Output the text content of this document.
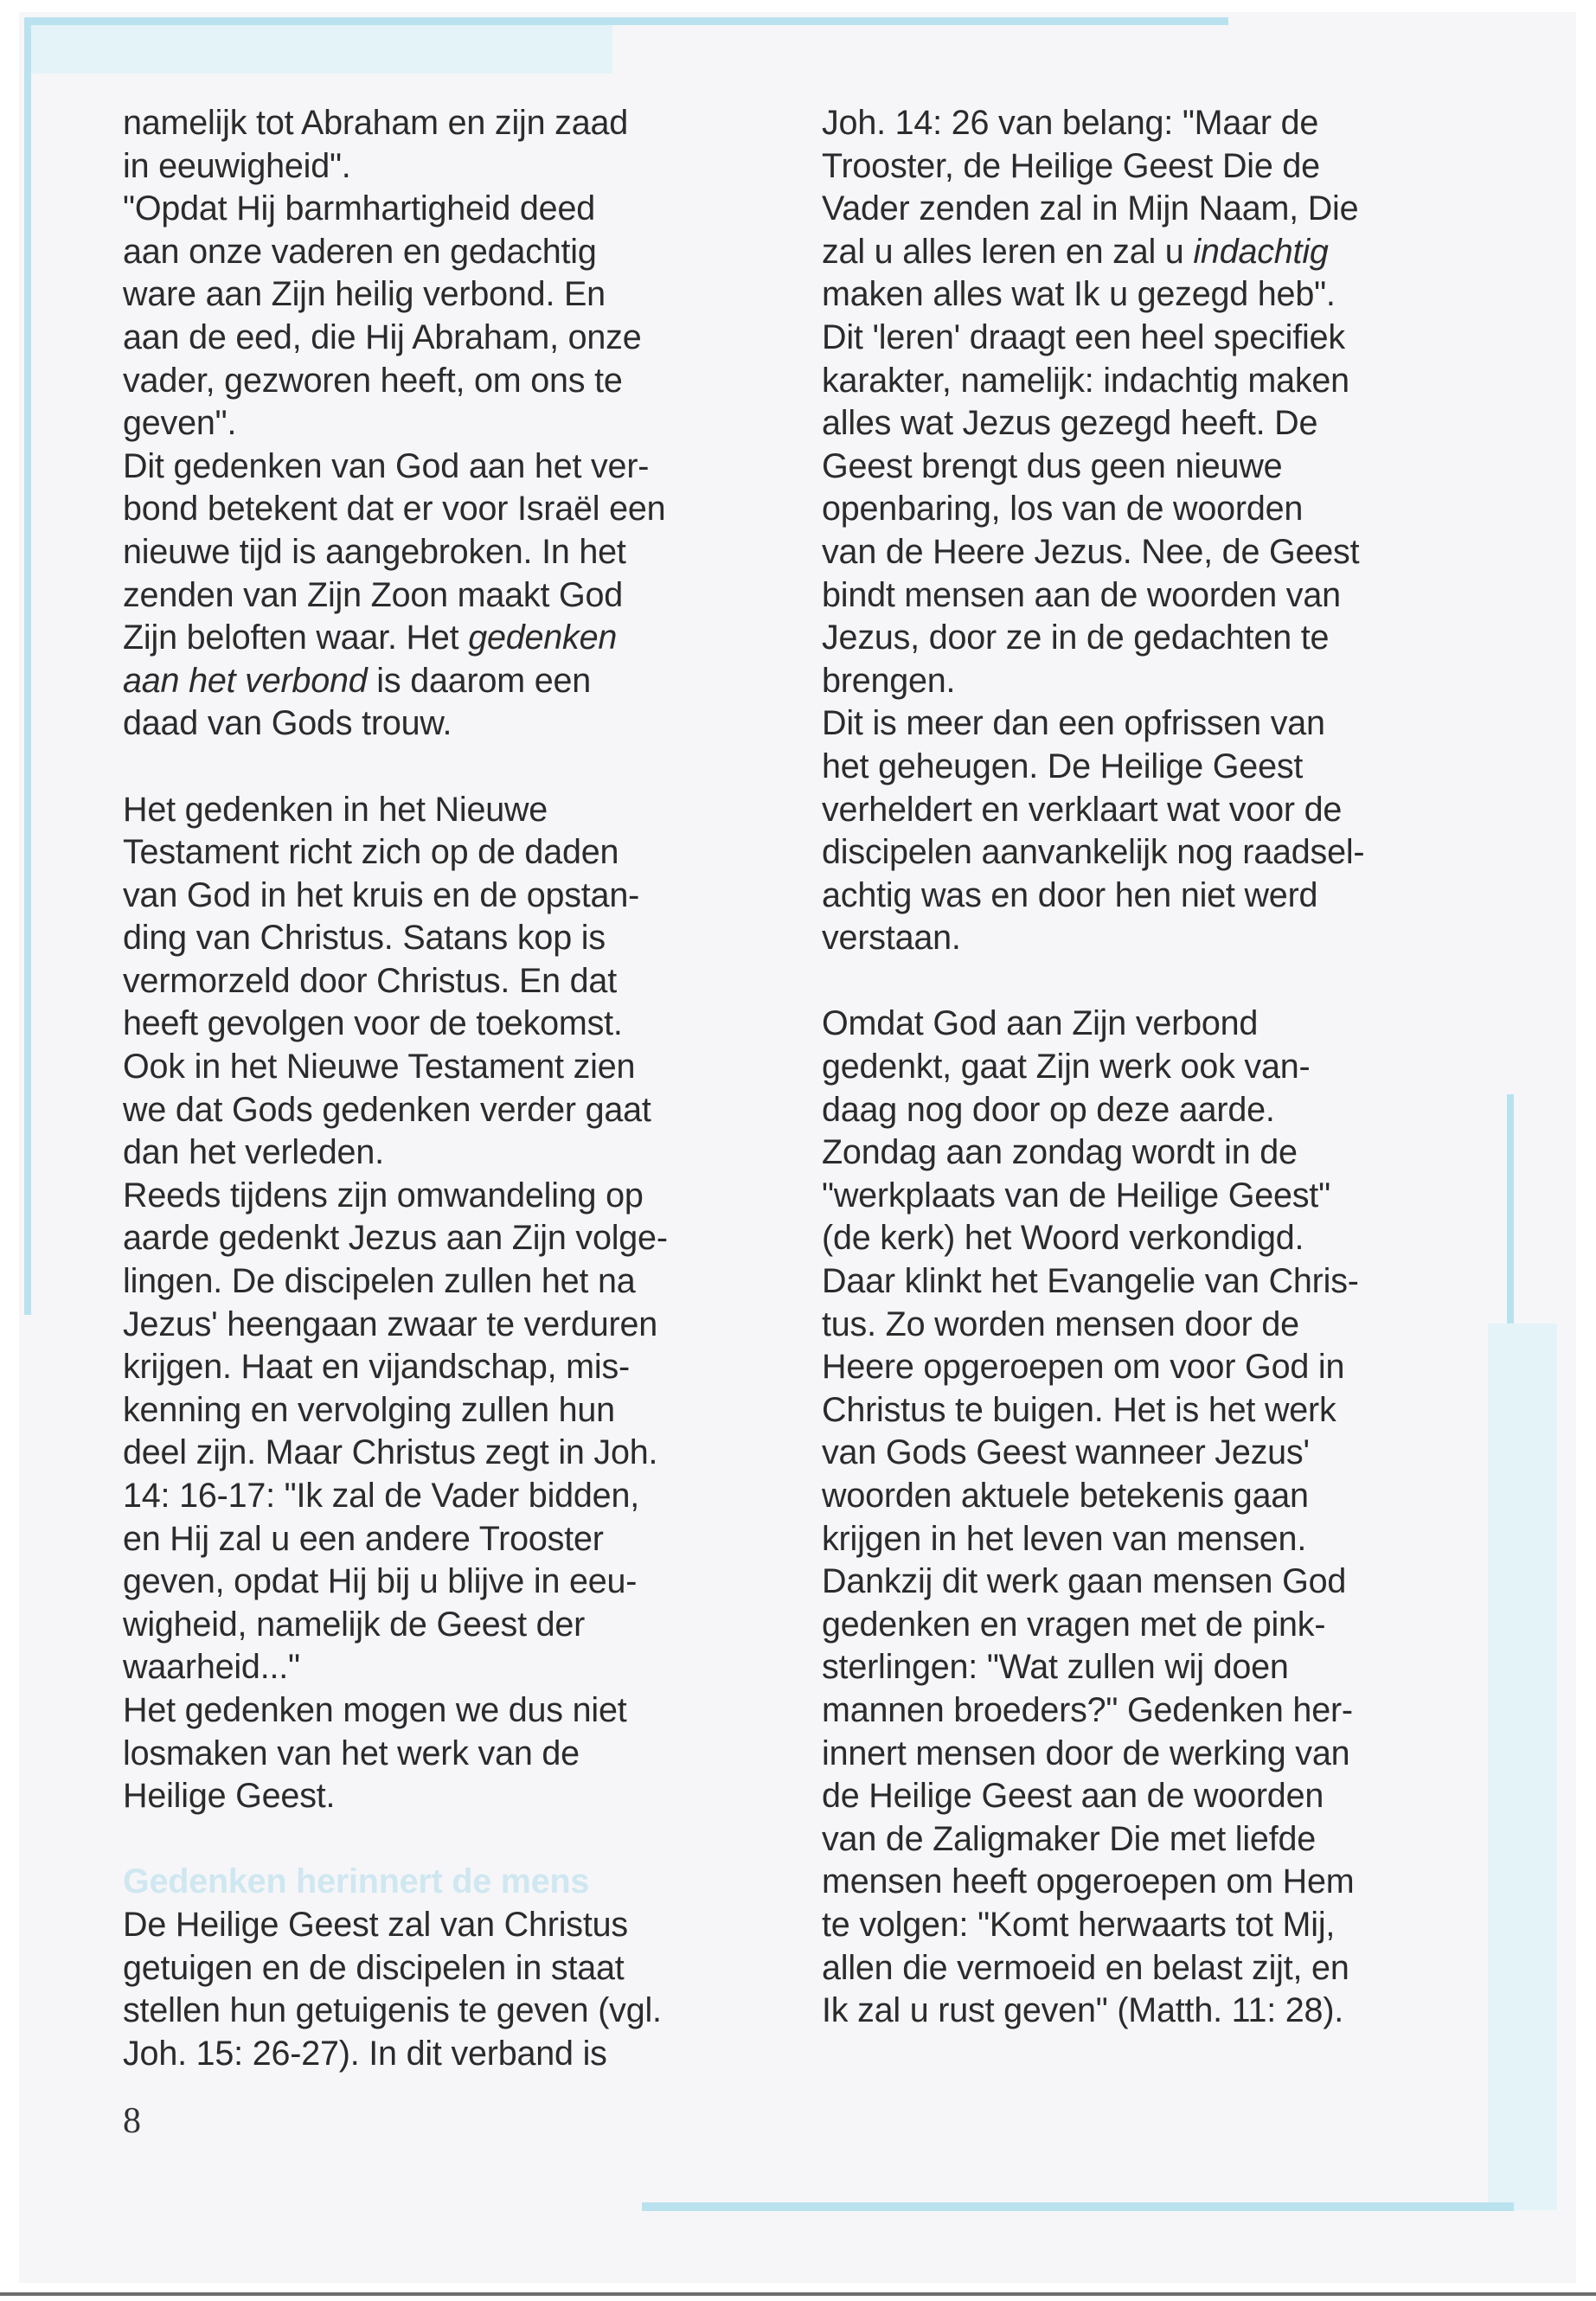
namelijk tot Abraham en zijn zaad

in eeuwigheid".

"Opdat Hij barmhartigheid deed

aan onze vaderen en gedachtig

ware aan Zijn heilig verbond. En

aan de eed, die Hij Abraham, onze

vader, gezworen heeft, om ons te

geven".

Dit gedenken van God aan het ver-

bond betekent dat er voor Israël een

nieuwe tijd is aangebroken. In het

zenden van Zijn Zoon maakt God

Zijn beloften waar. Het gedenken

aan het verbond is daarom een

daad van Gods trouw.

Het gedenken in het Nieuwe

Testament richt zich op de daden

van God in het kruis en de opstan-

ding van Christus. Satans kop is

vermorzeld door Christus. En dat

heeft gevolgen voor de toekomst.

Ook in het Nieuwe Testament zien

we dat Gods gedenken verder gaat

dan het verleden.

Reeds tijdens zijn omwandeling op

aarde gedenkt Jezus aan Zijn volge-

lingen. De discipelen zullen het na

Jezus' heengaan zwaar te verduren

krijgen. Haat en vijandschap, mis-

kenning en vervolging zullen hun

deel zijn. Maar Christus zegt in Joh.

14: 16-17: "Ik zal de Vader bidden,

en Hij zal u een andere Trooster

geven, opdat Hij bij u blijve in eeu-

wigheid, namelijk de Geest der

waarheid..."

Het gedenken mogen we dus niet

losmaken van het werk van de

Heilige Geest.

Gedenken herinnert de mens

De Heilige Geest zal van Christus

getuigen en de discipelen in staat

stellen hun getuigenis te geven (vgl.

Joh. 15: 26-27). In dit verband is

Joh. 14: 26 van belang: "Maar de

Trooster, de Heilige Geest Die de

Vader zenden zal in Mijn Naam, Die

zal u alles leren en zal u indachtig

maken alles wat Ik u gezegd heb".

Dit 'leren' draagt een heel specifiek

karakter, namelijk: indachtig maken

alles wat Jezus gezegd heeft. De

Geest brengt dus geen nieuwe

openbaring, los van de woorden

van de Heere Jezus. Nee, de Geest

bindt mensen aan de woorden van

Jezus, door ze in de gedachten te

brengen.

Dit is meer dan een opfrissen van

het geheugen. De Heilige Geest

verheldert en verklaart wat voor de

discipelen aanvankelijk nog raadsel-

achtig was en door hen niet werd

verstaan.

Omdat God aan Zijn verbond

gedenkt, gaat Zijn werk ook van-

daag nog door op deze aarde.

Zondag aan zondag wordt in de

"werkplaats van de Heilige Geest"

(de kerk) het Woord verkondigd.

Daar klinkt het Evangelie van Chris-

tus. Zo worden mensen door de

Heere opgeroepen om voor God in

Christus te buigen. Het is het werk

van Gods Geest wanneer Jezus'

woorden aktuele betekenis gaan

krijgen in het leven van mensen.

Dankzij dit werk gaan mensen God

gedenken en vragen met de pink-

sterlingen: "Wat zullen wij doen

mannen broeders?" Gedenken her-

innert mensen door de werking van

de Heilige Geest aan de woorden

van de Zaligmaker Die met liefde

mensen heeft opgeroepen om Hem

te volgen: "Komt herwaarts tot Mij,

allen die vermoeid en belast zijt, en

Ik zal u rust geven" (Matth. 11: 28).

8
